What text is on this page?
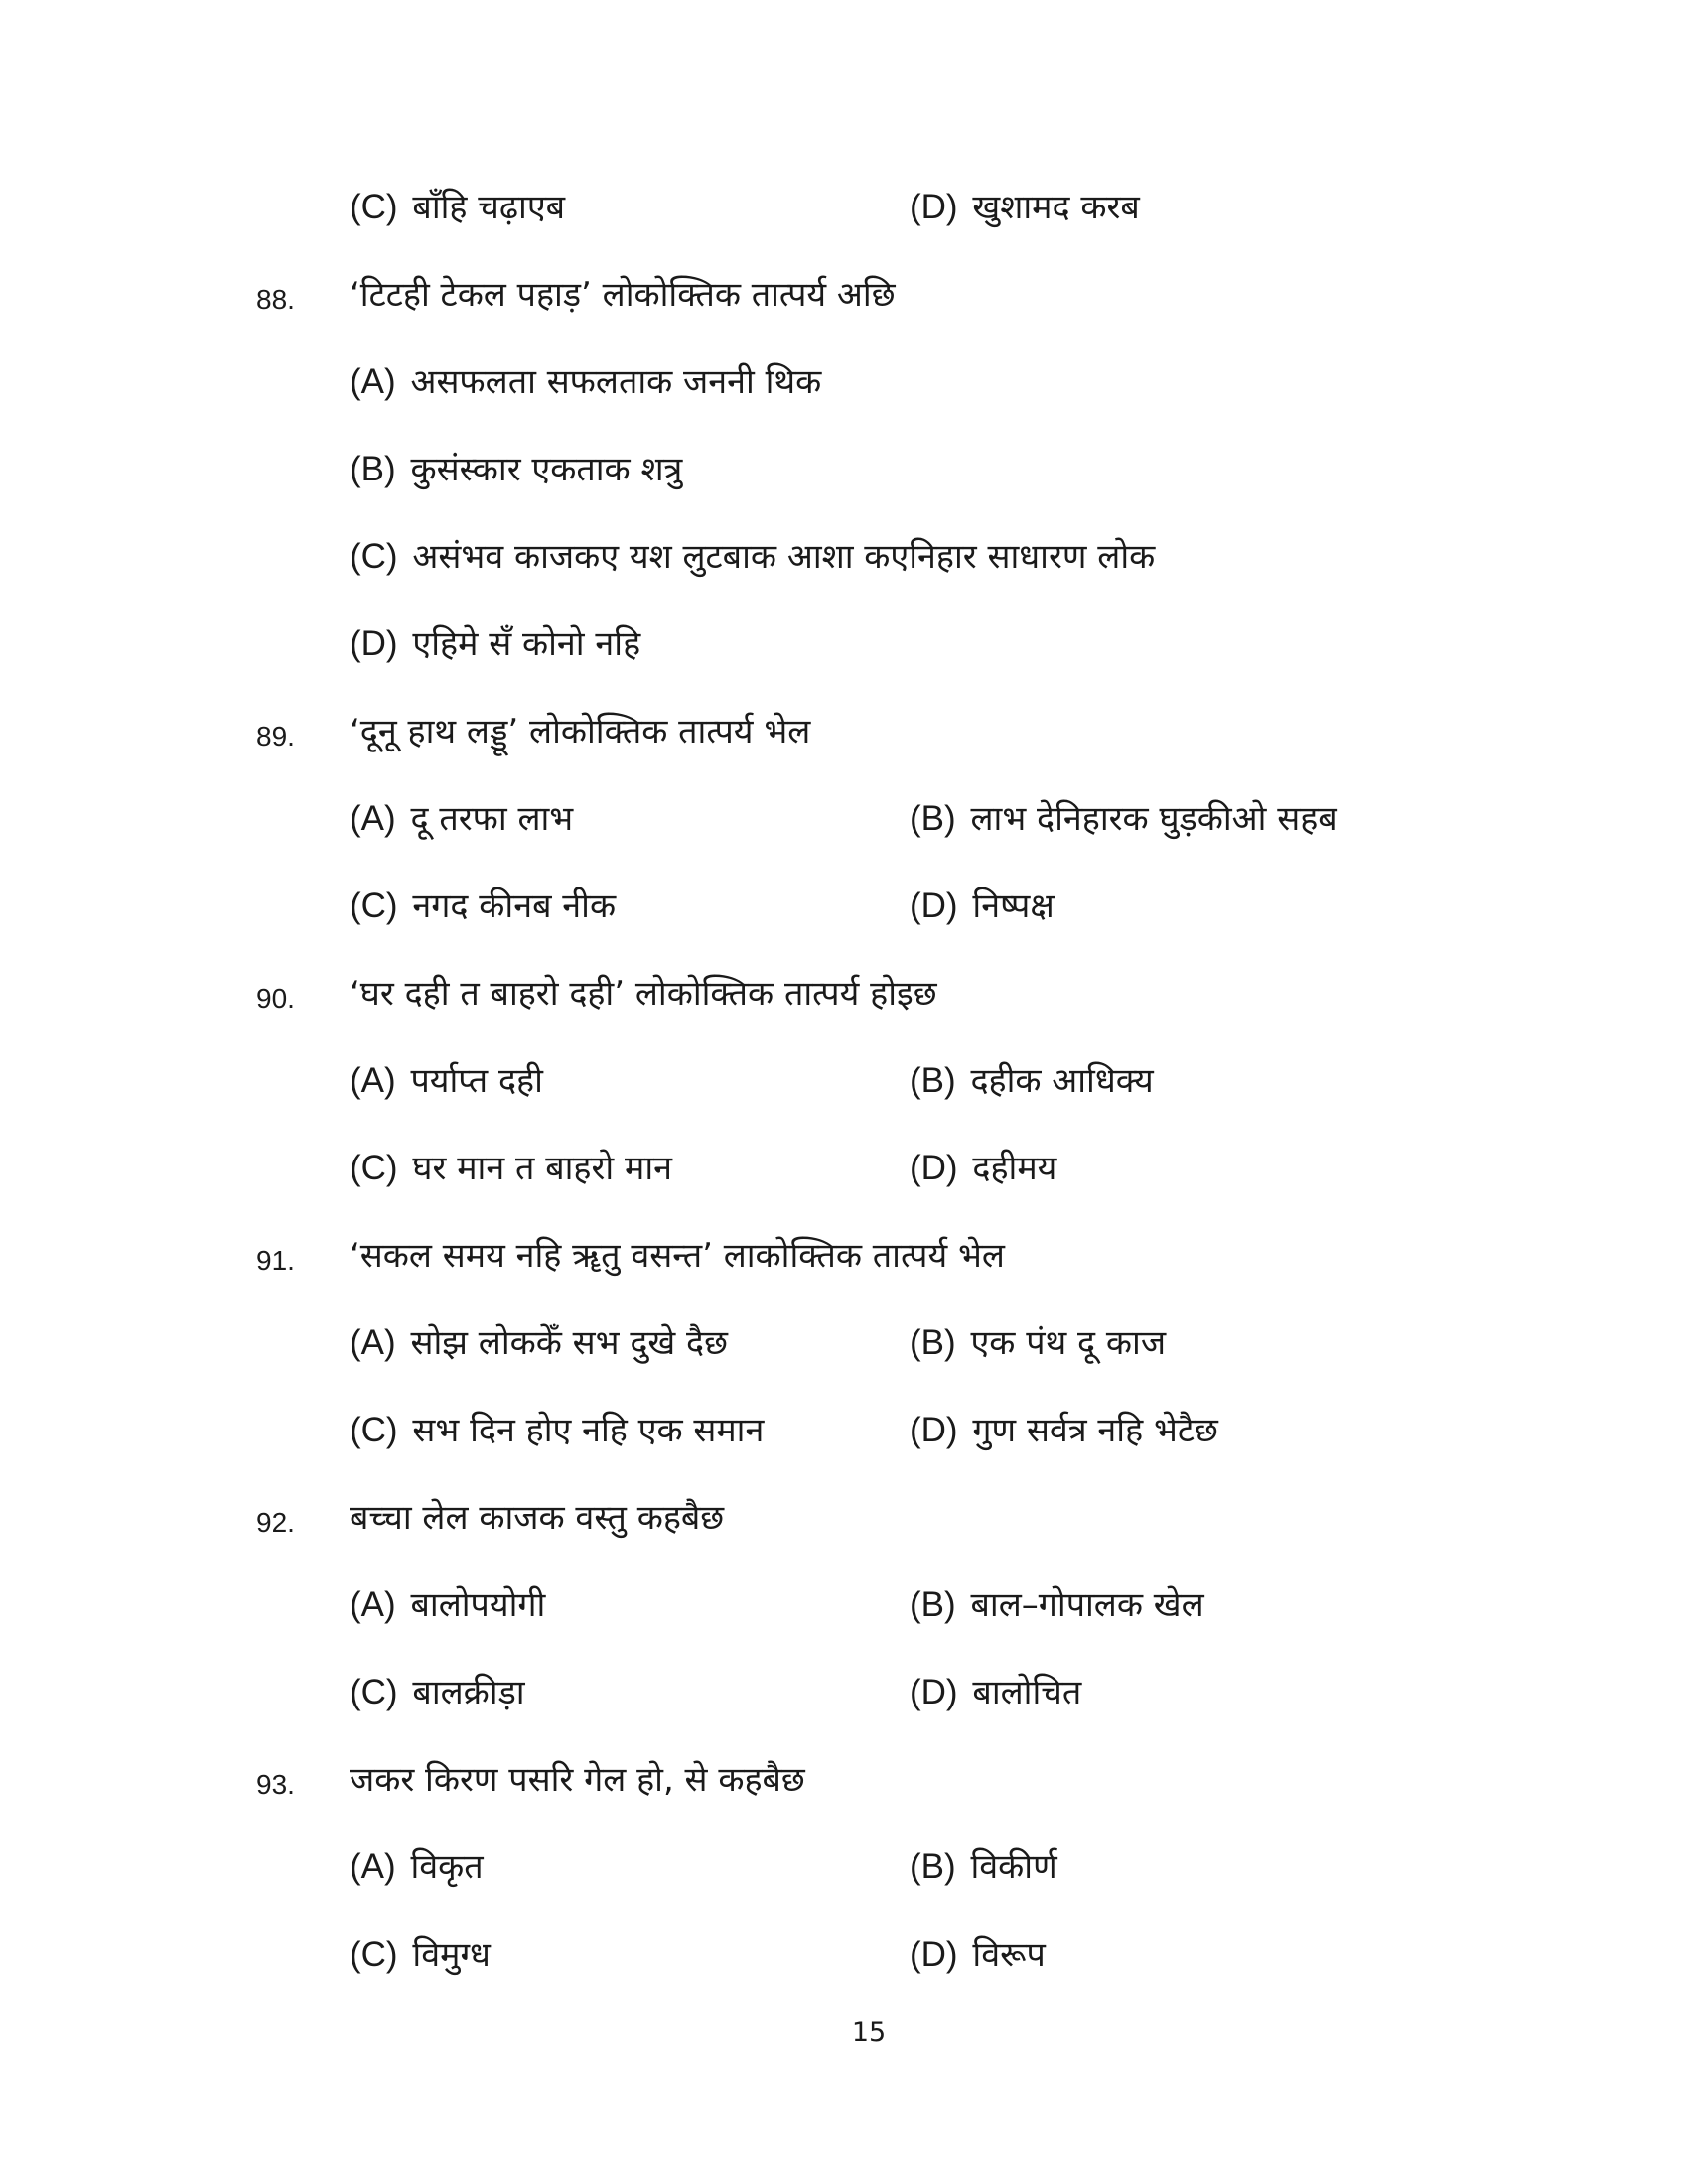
(C) बाँहि चढ़ाएब	(D) खुशामद करब
88. ‘टिटही टेकल पहाड़’ लोकोक्तिक तात्पर्य अछि
(A) असफलता सफलताक जननी थिक
(B) कुसंस्कार एकताक शत्रु
(C) असंभव काजकए यश लुटबाक आशा कएनिहार साधारण लोक
(D) एहिमे सँ कोनो नहि
89. ‘दूनू हाथ लड्डू’ लोकोक्तिक तात्पर्य भेल
(A) दू तरफा लाभ	(B) लाभ देनिहारक घुड़कीओ सहब
(C) नगद कीनब नीक	(D) निष्पक्ष
90. ‘घर दही त बाहरो दही’ लोकोक्तिक तात्पर्य होइछ
(A) पर्याप्त दही	(B) दहीक आधिक्य
(C) घर मान त बाहरो मान	(D) दहीमय
91. ‘सकल समय नहि ॠतु वसन्त’ लाकोक्तिक तात्पर्य भेल
(A) सोझ लोककेँ सभ दुखे दैछ	(B) एक पंथ दू काज
(C) सभ दिन होए नहि एक समान	(D) गुण सर्वत्र नहि भेटैछ
92. बच्चा लेल काजक वस्तु कहबैछ
(A) बालोपयोगी	(B) बाल–गोपालक खेल
(C) बालक्रीड़ा	(D) बालोचित
93. जकर किरण पसरि गेल हो, से कहबैछ
(A) विकृत	(B) विकीर्ण
(C) विमुग्ध	(D) विरूप
15
